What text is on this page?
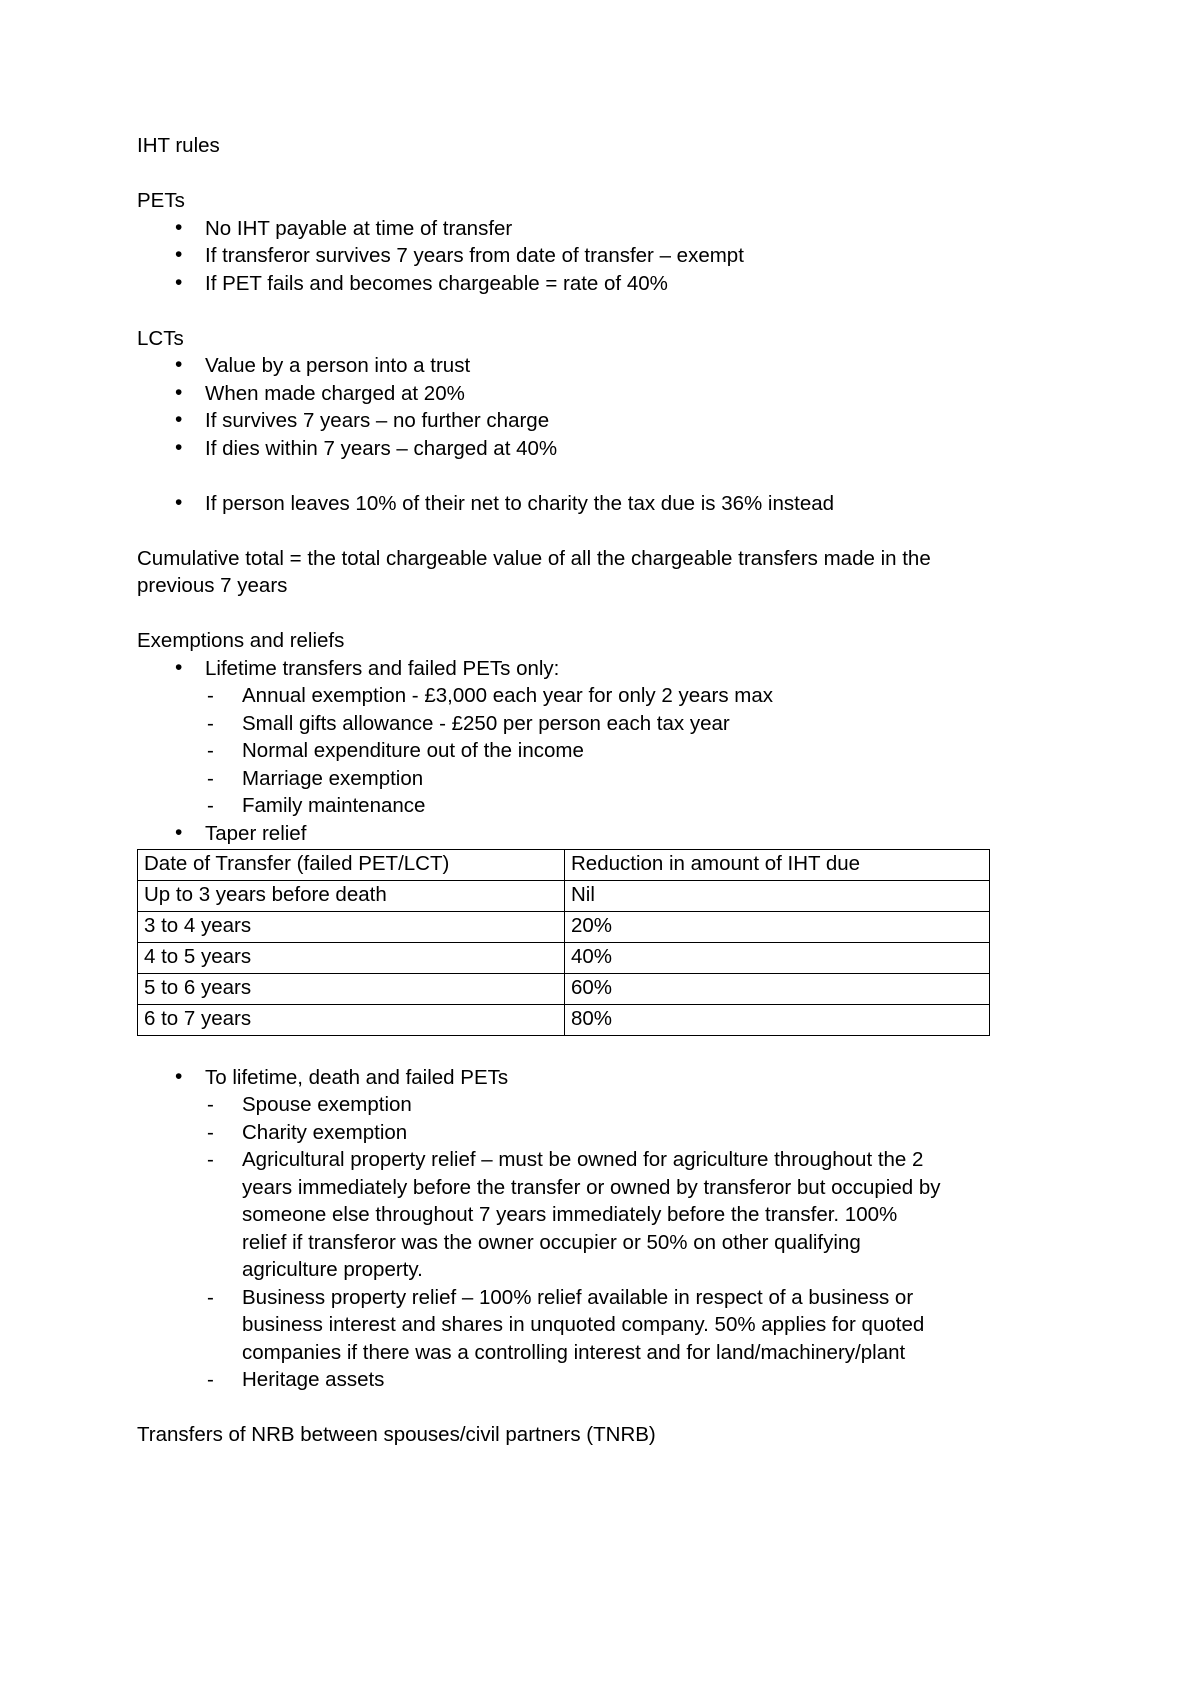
IHT rules

PETs

• No IHT payable at time of transfer
• If transferor survives 7 years from date of transfer – exempt
• If PET fails and becomes chargeable = rate of 40%

LCTs

• Value by a person into a trust
• When made charged at 20%
• If survives 7 years – no further charge
• If dies within 7 years – charged at 40%

• If person leaves 10% of their net to charity the tax due is 36% instead

Cumulative total = the total chargeable value of all the chargeable transfers made in the previous 7 years

Exemptions and reliefs

• Lifetime transfers and failed PETs only:
- Annual exemption - £3,000 each year for only 2 years max
- Small gifts allowance - £250 per person each tax year
- Normal expenditure out of the income
- Marriage exemption
- Family maintenance
• Taper relief
Date of Transfer (failed PET/LCT)	Reduction in amount of IHT due
Up to 3 years before death	Nil
3 to 4 years	20%
4 to 5 years	40%
5 to 6 years	60%
6 to 7 years	80%

• To lifetime, death and failed PETs
- Spouse exemption
- Charity exemption
- Agricultural property relief – must be owned for agriculture throughout the 2 years immediately before the transfer or owned by transferor but occupied by someone else throughout 7 years immediately before the transfer. 100% relief if transferor was the owner occupier or 50% on other qualifying agriculture property.
- Business property relief – 100% relief available in respect of a business or business interest and shares in unquoted company. 50% applies for quoted companies if there was a controlling interest and for land/machinery/plant
- Heritage assets

Transfers of NRB between spouses/civil partners (TNRB)
